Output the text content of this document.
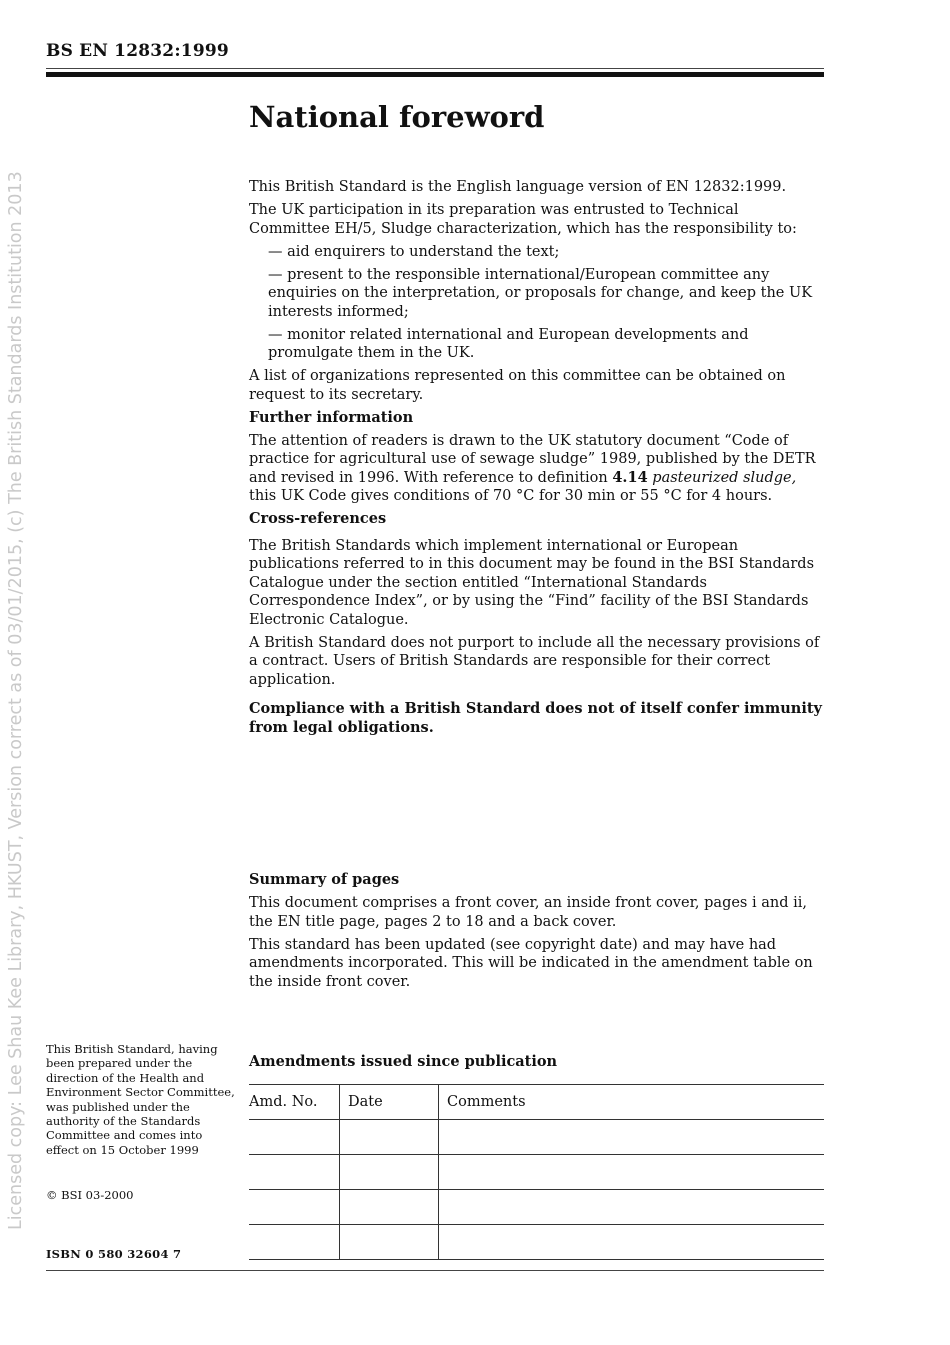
BS EN 12832:1999
Licensed copy: Lee Shau Kee Library, HKUST, Version correct as of 03/01/2015, (c) The British Standards Institution 2013
National foreword

This British Standard is the English language version of EN 12832:1999.

The UK participation in its preparation was entrusted to Technical Committee EH/5, Sludge characterization, which has the responsibility to:

— aid enquirers to understand the text;

— present to the responsible international/European committee any enquiries on the interpretation, or proposals for change, and keep the UK interests informed;

— monitor related international and European developments and promulgate them in the UK.

A list of organizations represented on this committee can be obtained on request to its secretary.

Further information

The attention of readers is drawn to the UK statutory document “Code of practice for agricultural use of sewage sludge” 1989, published by the DETR and revised in 1996. With reference to definition 4.14 pasteurized sludge, this UK Code gives conditions of 70 °C for 30 min or 55 °C for 4 hours.

Cross-references

The British Standards which implement international or European publications referred to in this document may be found in the BSI Standards Catalogue under the section entitled “International Standards Correspondence Index”, or by using the “Find” facility of the BSI Standards Electronic Catalogue.

A British Standard does not purport to include all the necessary provisions of a contract. Users of British Standards are responsible for their correct application.

Compliance with a British Standard does not of itself confer immunity from legal obligations.

Summary of pages

This document comprises a front cover, an inside front cover, pages i and ii, the EN title page, pages 2 to 18 and a back cover.

This standard has been updated (see copyright date) and may have had amendments incorporated. This will be indicated in the amendment table on the inside front cover.

This British Standard, having been prepared under the direction of the Health and Environment Sector Committee, was published under the authority of the Standards Committee and comes into effect on 15 October 1999
© BSI 03-2000
ISBN 0 580 32604 7
Amendments issued since publication
Amd. No.	Date	Comments
